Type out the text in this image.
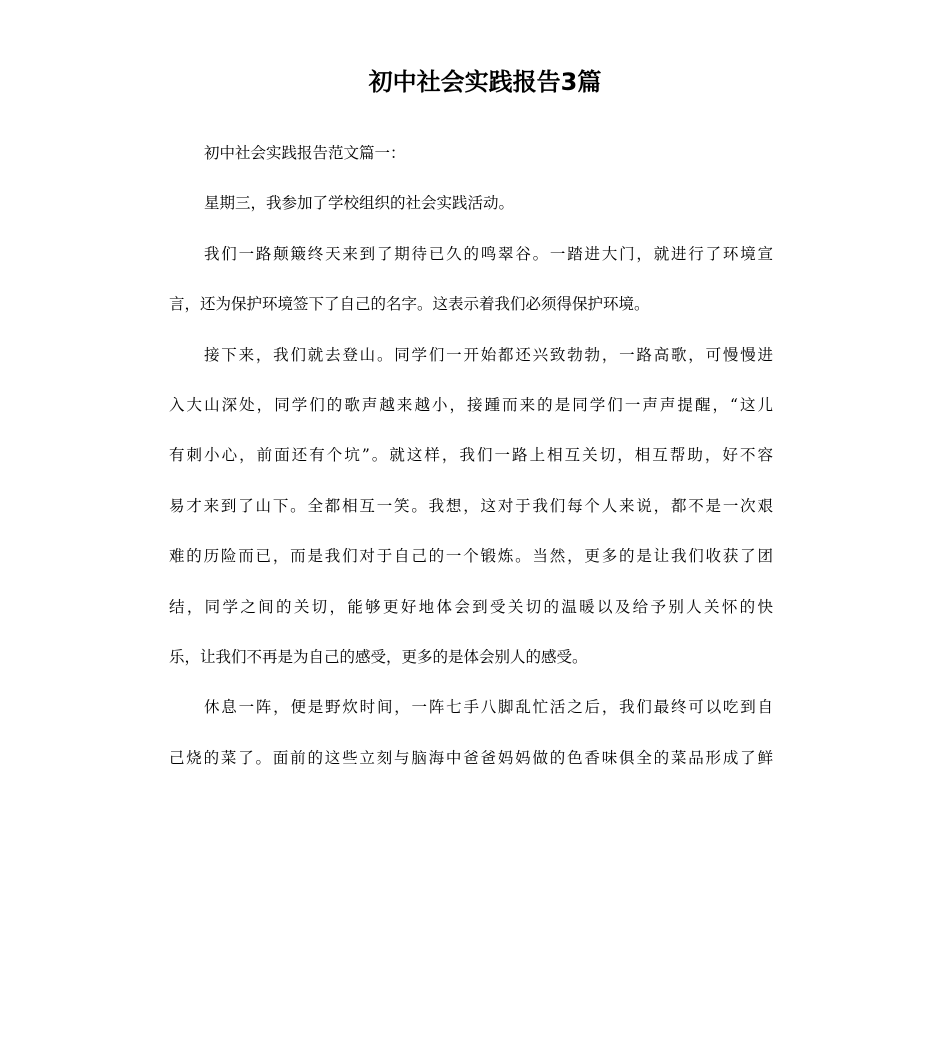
初中社会实践报告3篇
初中社会实践报告范文篇一：
星期三，我参加了学校组织的社会实践活动。
我们一路颠簸终天来到了期待已久的鸣翠谷。一踏进大门，就进行了环境宣
言，还为保护环境签下了自己的名字。这表示着我们必须得保护环境。
接下来，我们就去登山。同学们一开始都还兴致勃勃，一路高歌，可慢慢进
入大山深处，同学们的歌声越来越小，接踵而来的是同学们一声声提醒，“这儿
有刺小心，前面还有个坑”。就这样，我们一路上相互关切，相互帮助，好不容
易才来到了山下。全都相互一笑。我想，这对于我们每个人来说，都不是一次艰
难的历险而已，而是我们对于自己的一个锻炼。当然，更多的是让我们收获了团
结，同学之间的关切，能够更好地体会到受关切的温暖以及给予别人关怀的快
乐，让我们不再是为自己的感受，更多的是体会别人的感受。
休息一阵，便是野炊时间，一阵七手八脚乱忙活之后，我们最终可以吃到自
己烧的菜了。面前的这些立刻与脑海中爸爸妈妈做的色香味俱全的菜品形成了鲜
